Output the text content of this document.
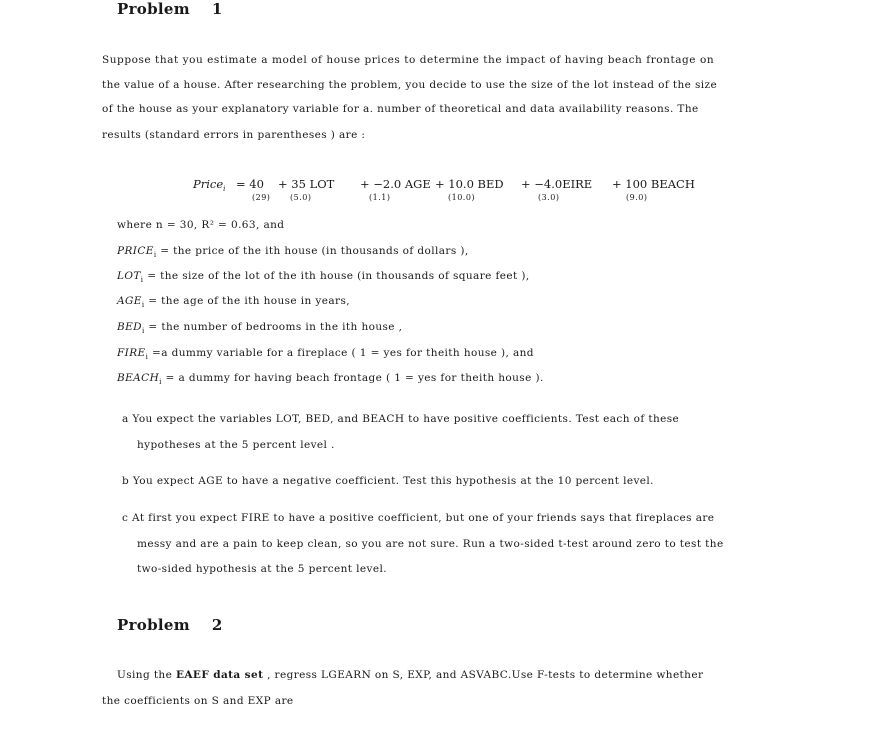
Problem 1
Suppose that you estimate a model of house prices to determine the impact of having beach frontage on
the value of a house. After researching the problem, you decide to use the size of the lot instead of the size
of the house as your explanatory variable for a. number of theoretical and data availability reasons. The
results (standard errors in parentheses ) are :
Price$_i$ = 40 + 35 LOT + −2.0 AGE + 10.0 BED + −4.0EIRE + 100 BEACH
(29) (5.0)	(1.1)	(10.0)	(3.0)	(9.0)
where n = 30, R² = 0.63, and
$PRICE_i$ = the price of the ith house (in thousands of dollars ),
$LOT_i$ = the size of the lot of the ith house (in thousands of square feet ),
$AGE_i$ = the age of the ith house in years,
$BED_i$ = the number of bedrooms in the ith house ,
$FIRE_i =a$ dummy variable for a fireplace ( 1 = yes for theith house ), and
$BEACH_i = a$ dummy for having beach frontage ( 1 = yes for theith house ).
a You expect the variables LOT, BED, and BEACH to have positive coefficients. Test each of these
hypotheses at the 5 percent level .
b You expect AGE to have a negative coefficient. Test this hypothesis at the 10 percent level.
c At first you expect FIRE to have a positive coefficient, but one of your friends says that fireplaces are
messy and are a pain to keep clean, so you are not sure. Run a two-sided t-test around zero to test the
two-sided hypothesis at the 5 percent level.
Problem 2
Using the EAEF data set , regress LGEARN on S, EXP, and ASVABC.Use F-tests to determine whether
the coefficients on S and EXP are
